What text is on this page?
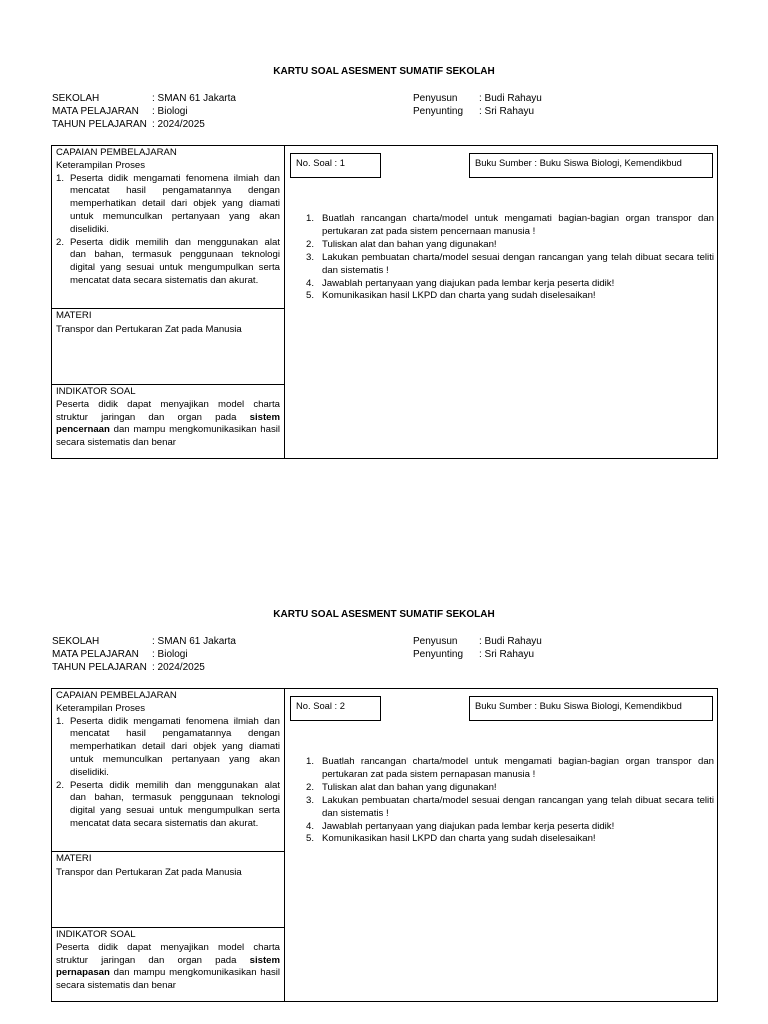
KARTU SOAL ASESMENT SUMATIF SEKOLAH
SEKOLAH	: SMAN 61 Jakarta
MATA PELAJARAN : Biologi
TAHUN PELAJARAN : 2024/2025
Penyusun : Budi Rahayu
Penyunting : Sri Rahayu
CAPAIAN PEMBELAJARAN
Keterampilan Proses
1. Peserta didik mengamati fenomena ilmiah dan mencatat hasil pengamatannya dengan memperhatikan detail dari objek yang diamati untuk memunculkan pertanyaan yang akan diselidiki.
2. Peserta didik memilih dan menggunakan alat dan bahan, termasuk penggunaan teknologi digital yang sesuai untuk mengumpulkan serta mencatat data secara sistematis dan akurat.
MATERI
Transpor dan Pertukaran Zat pada Manusia
INDIKATOR SOAL
Peserta didik dapat menyajikan model charta struktur jaringan dan organ pada sistem pencernaan dan mampu mengkomunikasikan hasil secara sistematis dan benar
No. Soal : 1	Buku Sumber : Buku Siswa Biologi, Kemendikbud
1. Buatlah rancangan charta/model untuk mengamati bagian-bagian organ transpor dan pertukaran zat pada sistem pencernaan manusia !
2. Tuliskan alat dan bahan yang digunakan!
3. Lakukan pembuatan charta/model sesuai dengan rancangan yang telah dibuat secara teliti dan sistematis !
4. Jawablah pertanyaan yang diajukan pada lembar kerja peserta didik!
5. Komunikasikan hasil LKPD dan charta yang sudah diselesaikan!
KARTU SOAL ASESMENT SUMATIF SEKOLAH
SEKOLAH	: SMAN 61 Jakarta
MATA PELAJARAN : Biologi
TAHUN PELAJARAN : 2024/2025
Penyusun : Budi Rahayu
Penyunting : Sri Rahayu
CAPAIAN PEMBELAJARAN
Keterampilan Proses
1. Peserta didik mengamati fenomena ilmiah dan mencatat hasil pengamatannya dengan memperhatikan detail dari objek yang diamati untuk memunculkan pertanyaan yang akan diselidiki.
2. Peserta didik memilih dan menggunakan alat dan bahan, termasuk penggunaan teknologi digital yang sesuai untuk mengumpulkan serta mencatat data secara sistematis dan akurat.
MATERI
Transpor dan Pertukaran Zat pada Manusia
INDIKATOR SOAL
Peserta didik dapat menyajikan model charta struktur jaringan dan organ pada sistem pernapasan dan mampu mengkomunikasikan hasil secara sistematis dan benar
No. Soal : 2	Buku Sumber : Buku Siswa Biologi, Kemendikbud
1. Buatlah rancangan charta/model untuk mengamati bagian-bagian organ transpor dan pertukaran zat pada sistem pernapasan manusia !
2. Tuliskan alat dan bahan yang digunakan!
3. Lakukan pembuatan charta/model sesuai dengan rancangan yang telah dibuat secara teliti dan sistematis !
4. Jawablah pertanyaan yang diajukan pada lembar kerja peserta didik!
5. Komunikasikan hasil LKPD dan charta yang sudah diselesaikan!
